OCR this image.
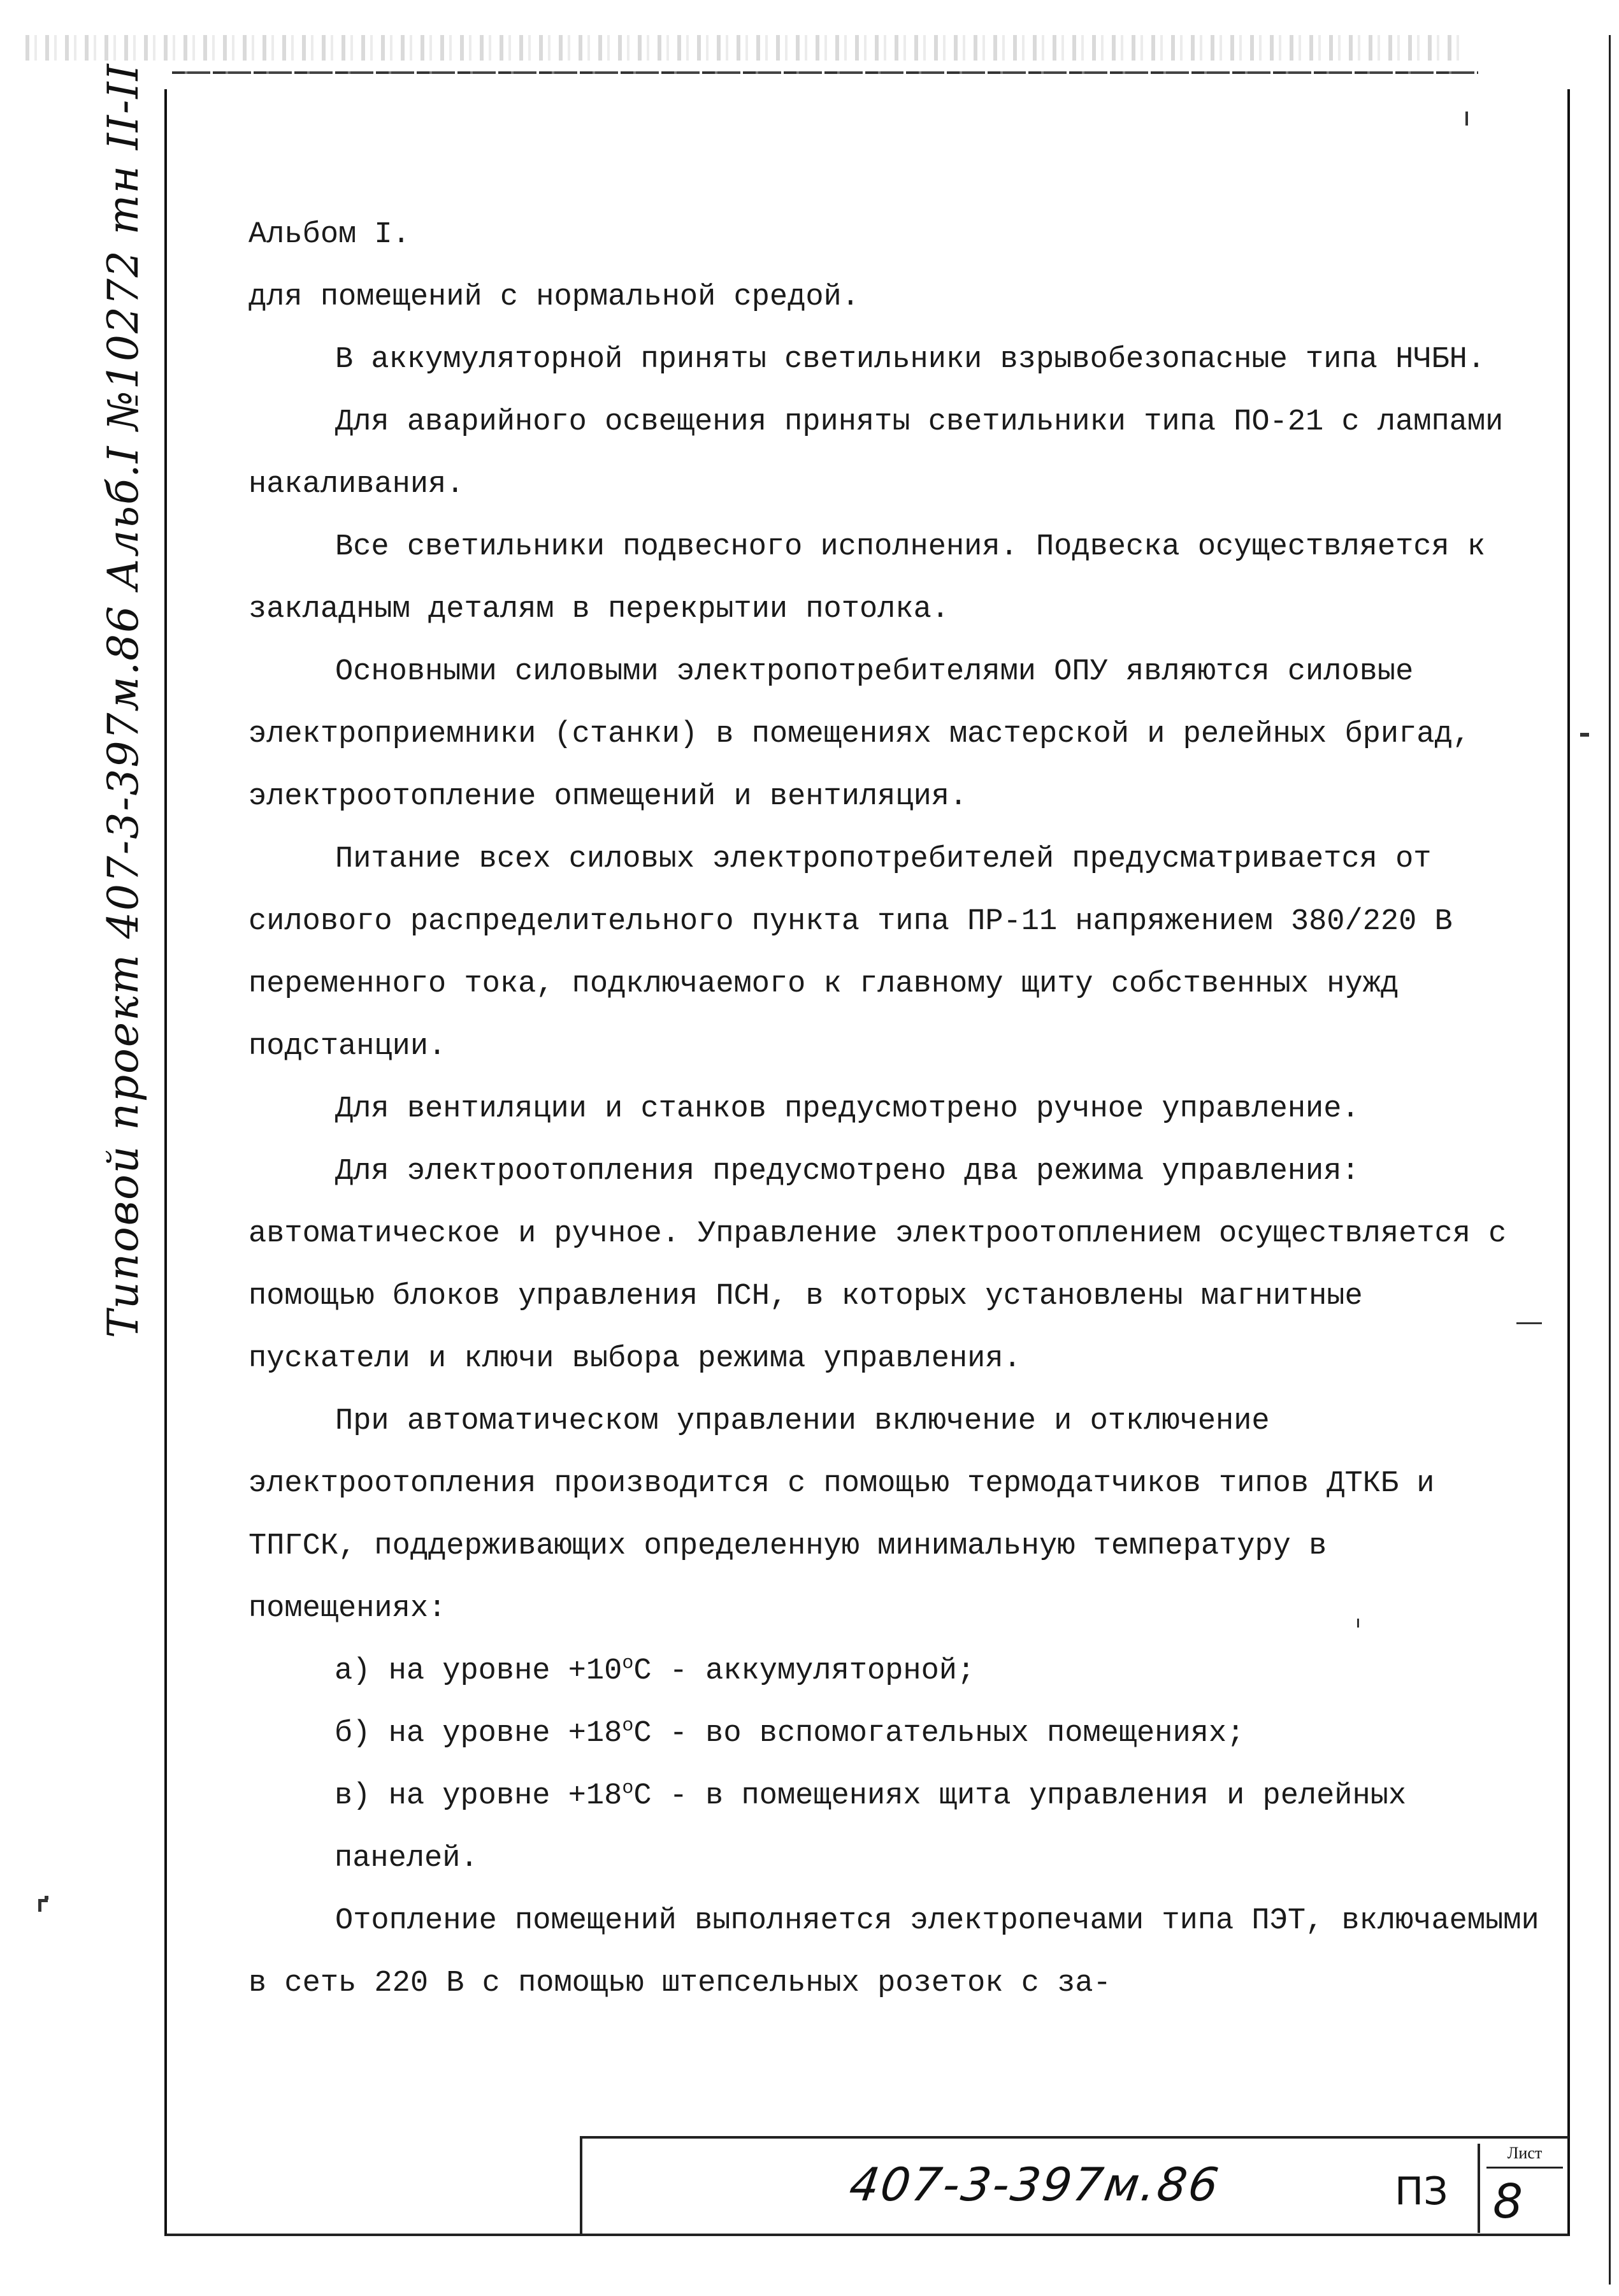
Типовой проект 407-3-397м.86 Альб.I №10272 тн II-II	Альбом I.

для помещений с нормальной средой.

В аккумуляторной приняты светильники взрывобезопасные типа НЧБН.

Для аварийного освещения приняты светильники типа ПО-21 с лампами накаливания.

Все светильники подвесного исполнения. Подвеска осуществляется к закладным деталям в перекрытии потолка.

Основными силовыми электропотребителями ОПУ являются силовые электроприемники (станки) в помещениях мастерской и релейных бригад, электроотопление опмещений и вентиляция.

Питание всех силовых электропотребителей предусматривается от силового распределительного пункта типа ПР-11 напряжением 380/220 В переменного тока, подключаемого к главному щиту собственных нужд подстанции.

Для вентиляции и станков предусмотрено ручное управление.

Для электроотопления предусмотрено два режима управления: автоматическое и ручное. Управление электроотоплением осуществляется с помощью блоков управления ПСН, в которых установлены магнитные пускатели и ключи выбора режима управления.

При автоматическом управлении включение и отключение электроотопления производится с помощью термодатчиков типов ДТКБ и ТПГСК, поддерживающих определенную минимальную температуру в помещениях:

а) на уровне $+10^оС$ - аккумуляторной;

б) на уровне $+18^оС$ - во вспомогательных помещениях;

в) на уровне $+18^оС - в$ помещениях щита управления и релейных панелей.

Отопление помещений выполняется электропечами типа ПЭТ, включаемыми в сеть 220 В с помощью штепсельных розеток с за-

407-3-397м.86	ПЗ
Лист
8
